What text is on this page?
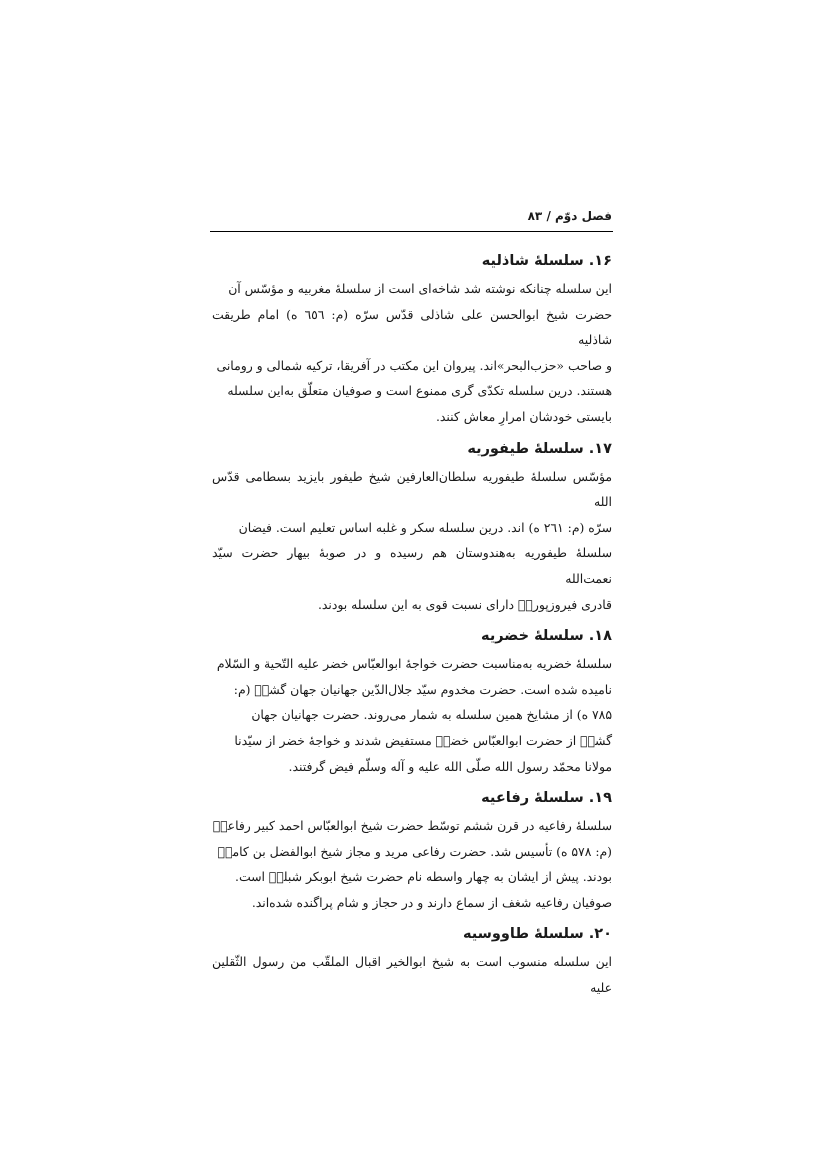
فصل دوّم / ۸۳
۱۶. سلسلهٔ شاذلیه

این سلسله چنانکه نوشته شد شاخه‌ای است از سلسلهٔ مغربیه و مؤسّس آن

حضرت شیخ ابوالحسن علی شاذلی قدّس سرّه (م: ٦٥٦ ه) امام طریقت شاذلیه

و صاحب «حزب‌البحر»اند. پیروان این مکتب در آفریقا، ترکیه شمالی و رومانی

هستند. درین سلسله تکدّی گری ممنوع است و صوفیان متعلّق به‌این سلسله

بایستی خودشان امرارِ معاش کنند.

۱۷. سلسلهٔ طیفوریه

مؤسّس سلسلهٔ طیفوریه سلطان‌العارفین شیخ طیفور بایزید بسطامی قدّس الله

سرّه (م: ٢٦١ ه) اند. درین سلسله سکر و غلبه اساس تعلیم است. فیضان

سلسلهٔ طیفوریه به‌هندوستان هم رسیده و در صوبهٔ بیهار حضرت سیّد نعمت‌الله

قادری فیروزپوریؒ دارای نسبت قوی به این سلسله بودند.

۱۸. سلسلهٔ خضریه

سلسلهٔ خضریه به‌مناسبت حضرت خواجهٔ ابوالعبّاس خضر علیه التّحیة و السّلام

نامیده شده است. حضرت مخدوم سیّد جلال‌الدّین جهانیان جهان گشتؒ (م:

۷۸۵ ه) از مشایخ همین سلسله به شمار می‌روند. حضرت جهانیان جهان

گشتؒ از حضرت ابوالعبّاس خضرؑ مستفیض شدند و خواجهٔ خضر از سیّدنا

مولانا محمّد رسول الله صلّی الله علیه و آله وسلّم فیض گرفتند.

۱۹. سلسلهٔ رفاعیه

سلسلهٔ رفاعیه در قرن ششم توسّط حضرت شیخ ابوالعبّاس احمد کبیر رفاعیؒ

(م: ۵۷۸ ه) تأسیس شد. حضرت رفاعی مرید و مجاز شیخ ابوالفضل بن کامخؒ

بودند. پیش از ایشان به چهار واسطه نام حضرت شیخ ابوبکر شبلیؒ است.

صوفیان رفاعیه شغف از سماع دارند و در حجاز و شام پراگنده شده‌اند.

۲۰. سلسلهٔ طاووسیه

این سلسله منسوب است به شیخ ابوالخیر اقبال الملقّب من رسول الثّقلین علیه
